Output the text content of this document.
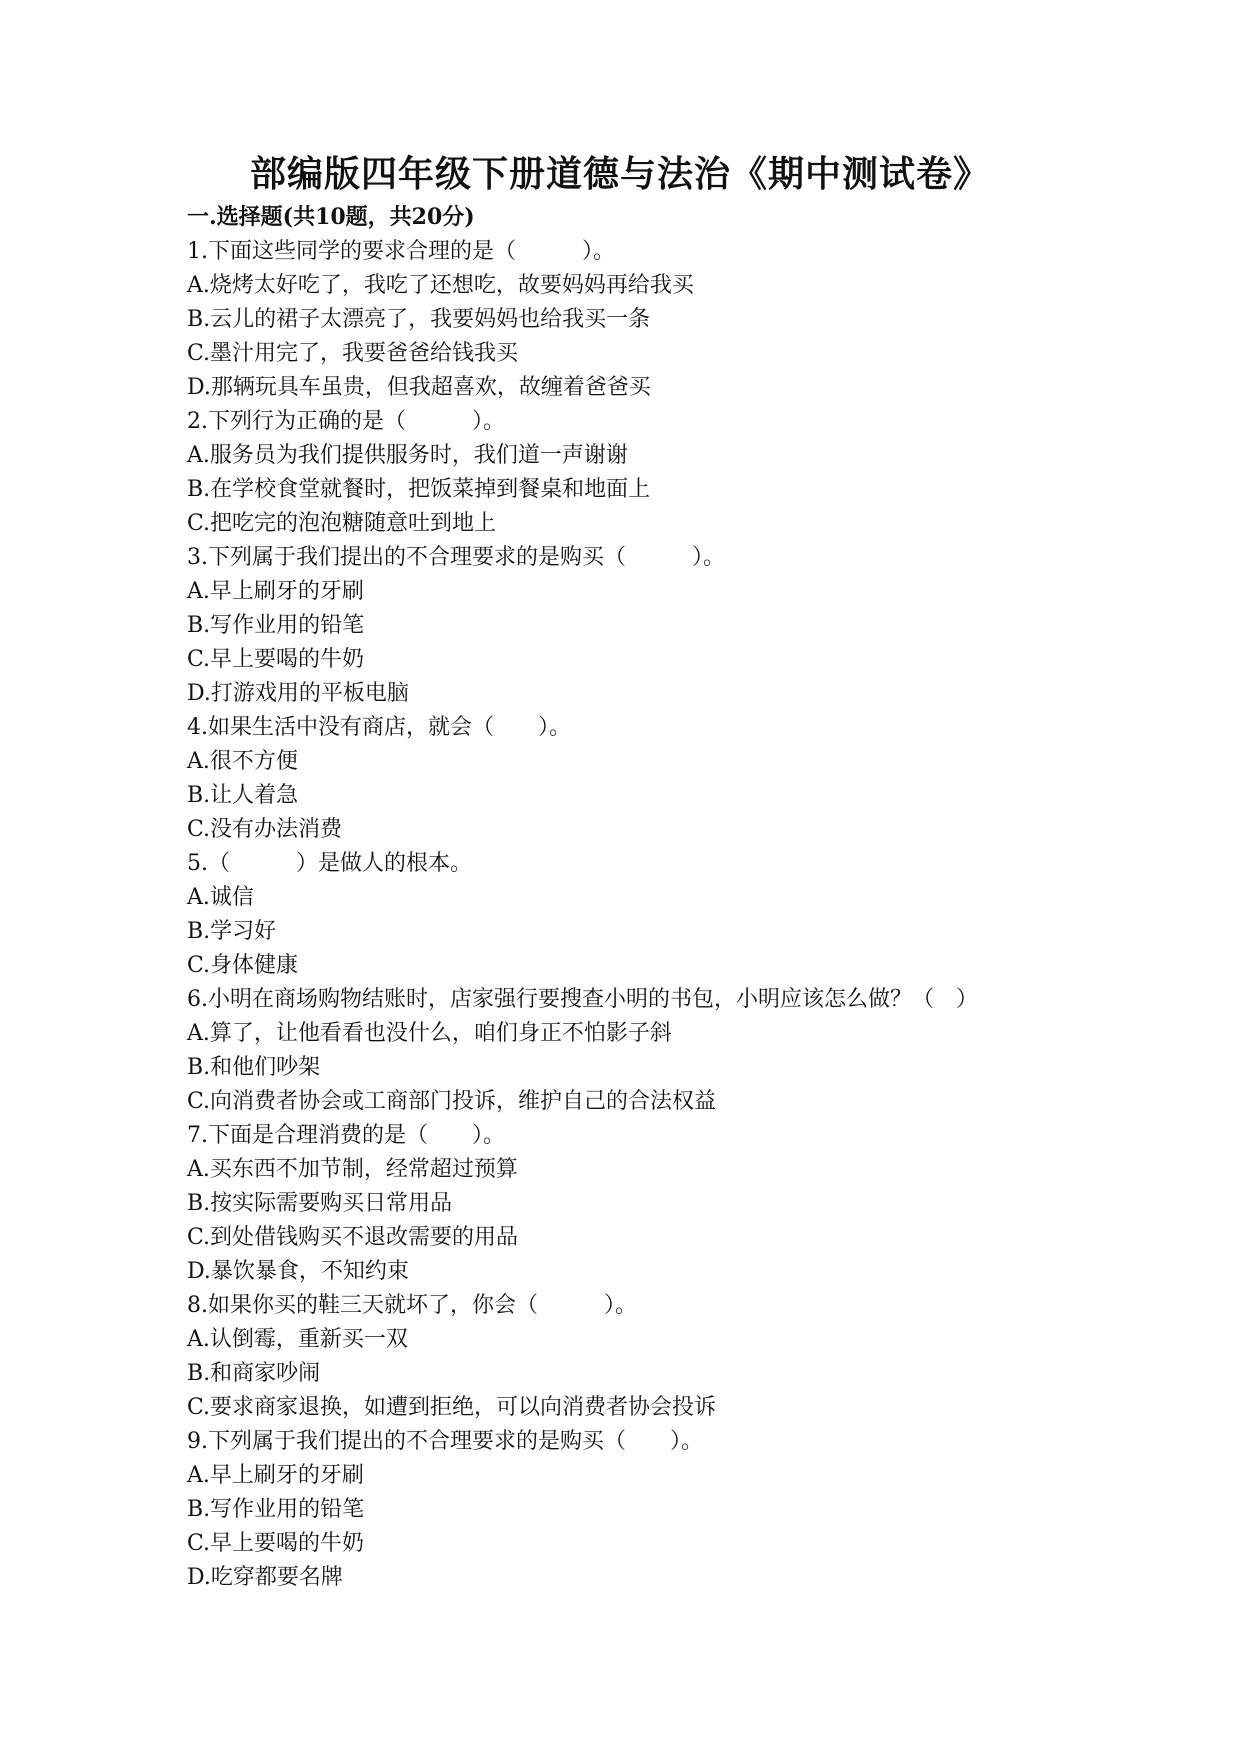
部编版四年级下册道德与法治《期中测试卷》
一.选择题(共10题，共20分)
1.下面这些同学的要求合理的是（　　　）。
A.烧烤太好吃了，我吃了还想吃，故要妈妈再给我买
B.云儿的裙子太漂亮了，我要妈妈也给我买一条
C.墨汁用完了，我要爸爸给钱我买
D.那辆玩具车虽贵，但我超喜欢，故缠着爸爸买
2.下列行为正确的是（　　　）。
A.服务员为我们提供服务时，我们道一声谢谢
B.在学校食堂就餐时，把饭菜掉到餐桌和地面上
C.把吃完的泡泡糖随意吐到地上
3.下列属于我们提出的不合理要求的是购买（　　　）。
A.早上刷牙的牙刷
B.写作业用的铅笔
C.早上要喝的牛奶
D.打游戏用的平板电脑
4.如果生活中没有商店，就会（　　）。
A.很不方便
B.让人着急
C.没有办法消费
5.（　　　）是做人的根本。
A.诚信
B.学习好
C.身体健康
6.小明在商场购物结账时，店家强行要搜查小明的书包，小明应该怎么做？（　）
A.算了，让他看看也没什么，咱们身正不怕影子斜
B.和他们吵架
C.向消费者协会或工商部门投诉，维护自己的合法权益
7.下面是合理消费的是（　　）。
A.买东西不加节制，经常超过预算
B.按实际需要购买日常用品
C.到处借钱购买不退改需要的用品
D.暴饮暴食，不知约束
8.如果你买的鞋三天就坏了，你会（　　　）。
A.认倒霉，重新买一双
B.和商家吵闹
C.要求商家退换，如遭到拒绝，可以向消费者协会投诉
9.下列属于我们提出的不合理要求的是购买（　　）。
A.早上刷牙的牙刷
B.写作业用的铅笔
C.早上要喝的牛奶
D.吃穿都要名牌
